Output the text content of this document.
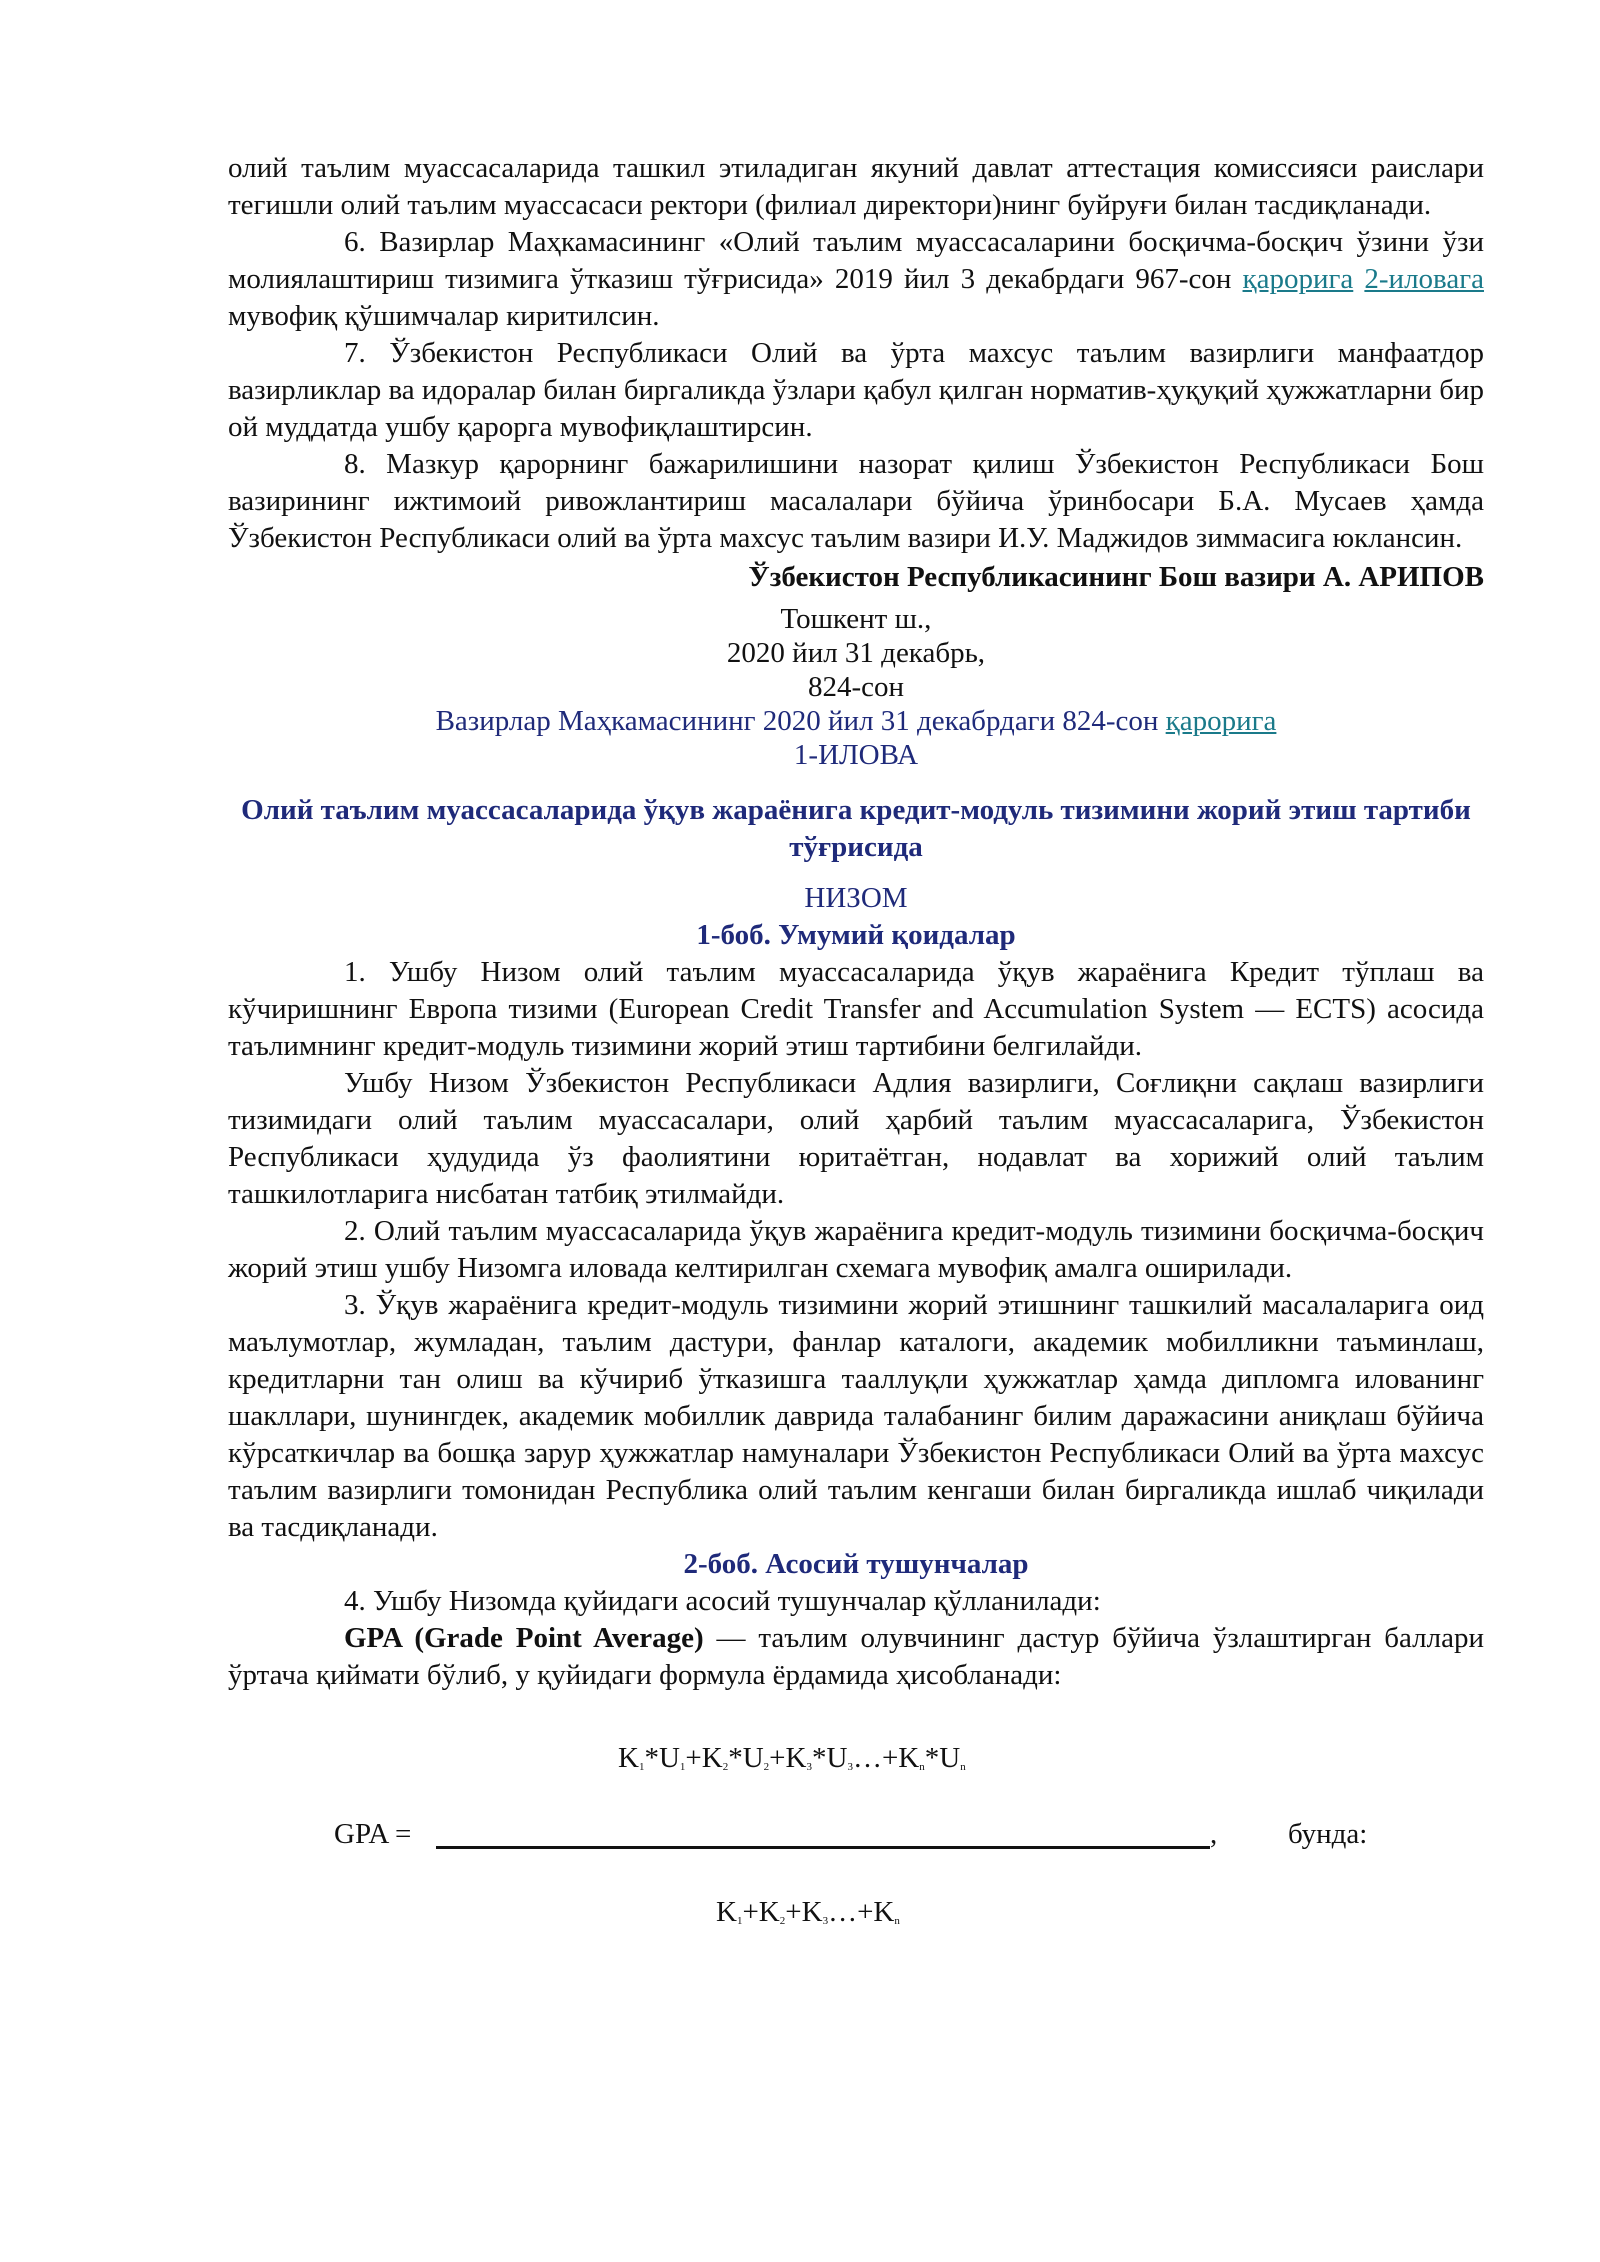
олий таълим муассасаларида ташкил этиладиган якуний давлат аттестация комиссияси раислари тегишли олий таълим муассасаси ректори (филиал директори)нинг буйруғи билан тасдиқланади.

6. Вазирлар Маҳкамасининг «Олий таълим муассасаларини босқичма-босқич ўзини ўзи молиялаштириш тизимига ўтказиш тўғрисида» 2019 йил 3 декабрдаги 967-сон қарорига 2-иловага мувофиқ қўшимчалар киритилсин.

7. Ўзбекистон Республикаси Олий ва ўрта махсус таълим вазирлиги манфаатдор вазирликлар ва идоралар билан биргаликда ўзлари қабул қилган норматив-ҳуқуқий ҳужжатларни бир ой муддатда ушбу қарорга мувофиқлаштирсин.

8. Мазкур қарорнинг бажарилишини назорат қилиш Ўзбекистон Республикаси Бош вазирининг ижтимоий ривожлантириш масалалари бўйича ўринбосари Б.А. Мусаев ҳамда Ўзбекистон Республикаси олий ва ўрта махсус таълим вазири И.У. Маджидов зиммасига юклансин.

Ўзбекистон Республикасининг Бош вазири А. АРИПОВ

Тошкент ш.,
2020 йил 31 декабрь,
824-сон
Вазирлар Маҳкамасининг 2020 йил 31 декабрдаги 824-сон қарорига
1-ИЛОВА
Олий таълим муассасаларида ўқув жараёнига кредит-модуль тизимини жорий этиш тартиби тўғрисида
НИЗОМ
1-боб. Умумий қоидалар

1. Ушбу Низом олий таълим муассасаларида ўқув жараёнига Кредит тўплаш ва кўчиришнинг Европа тизими (European Credit Transfer and Accumulation System — ECTS) асосида таълимнинг кредит-модуль тизимини жорий этиш тартибини белгилайди.

Ушбу Низом Ўзбекистон Республикаси Адлия вазирлиги, Соғлиқни сақлаш вазирлиги тизимидаги олий таълим муассасалари, олий ҳарбий таълим муассасаларига, Ўзбекистон Республикаси ҳудудида ўз фаолиятини юритаётган, нодавлат ва хорижий олий таълим ташкилотларига нисбатан татбиқ этилмайди.

2. Олий таълим муассасаларида ўқув жараёнига кредит-модуль тизимини босқичма-босқич жорий этиш ушбу Низомга иловада келтирилган схемага мувофиқ амалга оширилади.

3. Ўқув жараёнига кредит-модуль тизимини жорий этишнинг ташкилий масалаларига оид маълумотлар, жумладан, таълим дастури, фанлар каталоги, академик мобилликни таъминлаш, кредитларни тан олиш ва кўчириб ўтказишга тааллуқли ҳужжатлар ҳамда дипломга илованинг шакллари, шунингдек, академик мобиллик даврида талабанинг билим даражасини аниқлаш бўйича кўрсаткичлар ва бошқа зарур ҳужжатлар намуналари Ўзбекистон Республикаси Олий ва ўрта махсус таълим вазирлиги томонидан Республика олий таълим кенгаши билан биргаликда ишлаб чиқилади ва тасдиқланади.

2-боб. Асосий тушунчалар

4. Ушбу Низомда қуйидаги асосий тушунчалар қўлланилади:

GPA (Grade Point Average) — таълим олувчининг дастур бўйича ўзлаштирган баллари ўртача қиймати бўлиб, у қуйидаги формула ёрдамида ҳисобланади:

$K_1*U_1+K_2*U_2+K_3*U_3\dots+K_n*U_n$
GPA =	, бунда:
$K_1+K_2+K_3\dots+K_n$
